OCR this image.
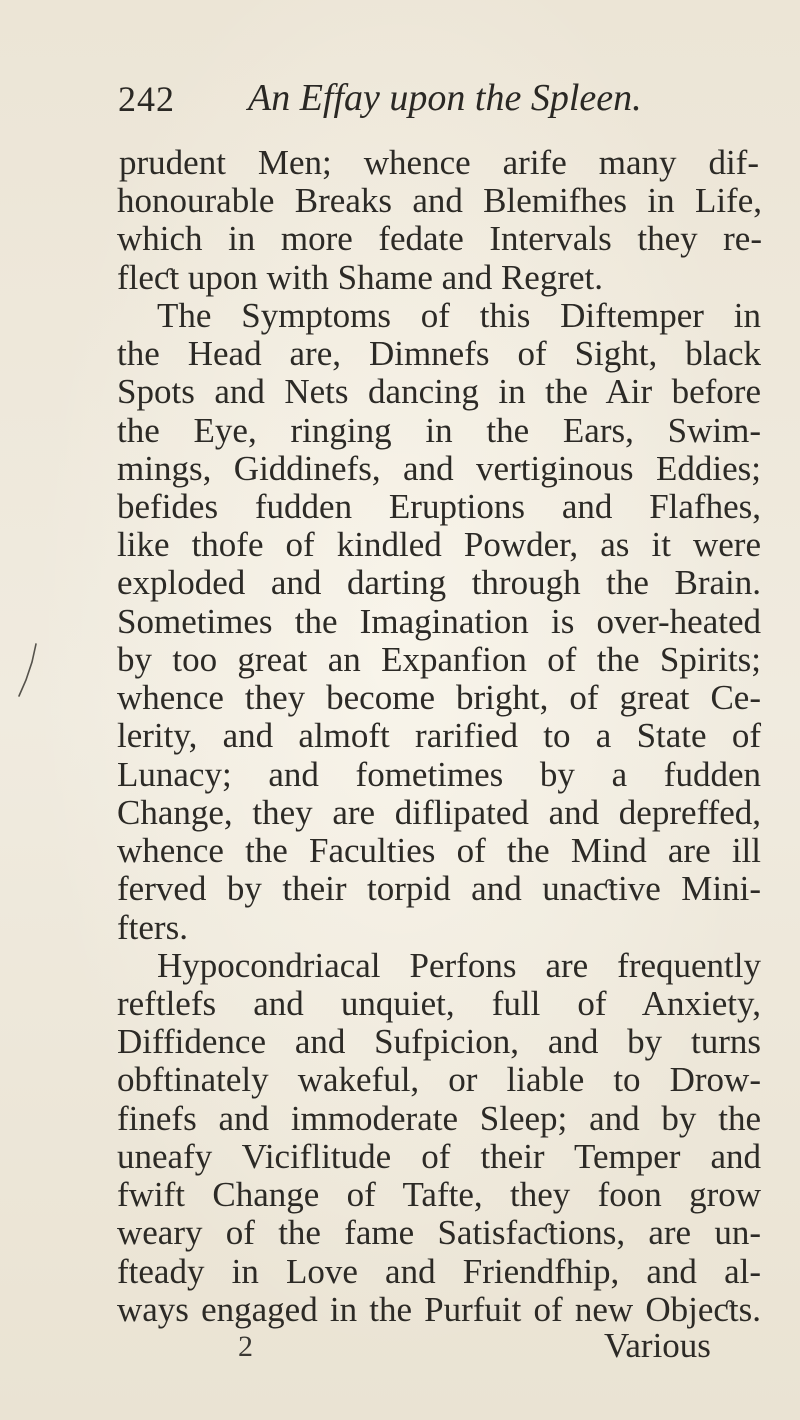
242 An Effay upon the Spleen.
prudent Men; whence arife many dif-
honourable Breaks and Blemifhes in Life,
which in more fedate Intervals they re-
fleƈt upon with Shame and Regret.
The Symptoms of this Diftemper in
the Head are, Dimnefs of Sight, black
Spots and Nets dancing in the Air before
the Eye, ringing in the Ears, Swim-
mings, Giddinefs, and vertiginous Eddies;
befides fudden Eruptions and Flafhes,
like thofe of kindled Powder, as it were
exploded and darting through the Brain.
Sometimes the Imagination is over-heated
by too great an Expanfion of the Spirits;
whence they become bright, of great Ce-
lerity, and almoft rarified to a State of
Lunacy; and fometimes by a fudden
Change, they are diflipated and depreffed,
whence the Faculties of the Mind are ill
ferved by their torpid and unaƈtive Mini-
fters.
Hypocondriacal Perfons are frequently
reftlefs and unquiet, full of Anxiety,
Diffidence and Sufpicion, and by turns
obftinately wakeful, or liable to Drow-
finefs and immoderate Sleep; and by the
uneafy Viciflitude of their Temper and
fwift Change of Tafte, they foon grow
weary of the fame Satisfaƈtions, are un-
fteady in Love and Friendfhip, and al-
ways engaged in the Purfuit of new Objeƈts.
2	Various
